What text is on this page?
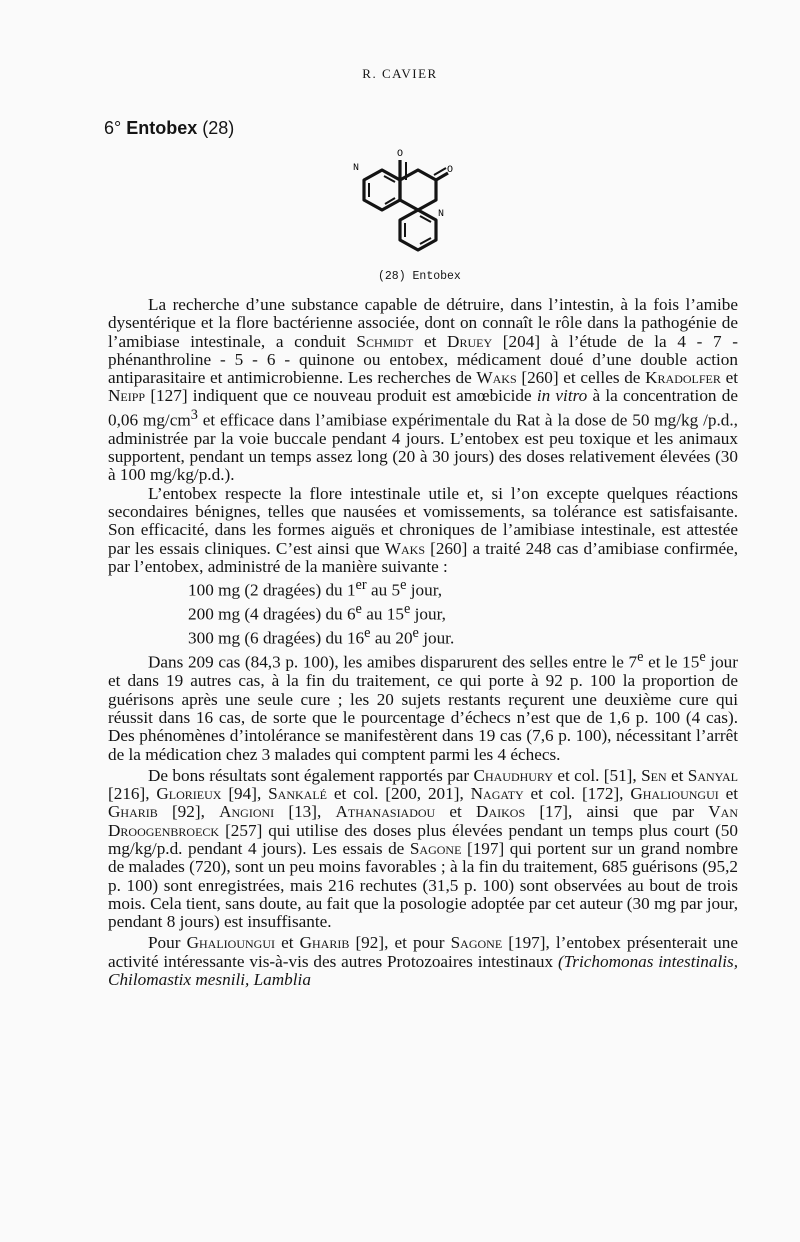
R. CAVIER
6° Entobex (28)
N
O
O
N
(28) Entobex

La recherche d’une substance capable de détruire, dans l’intestin, à la fois l’amibe dysentérique et la flore bactérienne associée, dont on connaît le rôle dans la pathogénie de l’amibiase intestinale, a conduit Schmidt et Druey [204] à l’étude de la 4 - 7 - phénanthroline - 5 - 6 - quinone ou entobex, médicament doué d’une double action antiparasitaire et antimicrobienne. Les recherches de Waks [260] et celles de Kradolfer et Neipp [127] indiquent que ce nouveau produit est amœbicide in vitro à la concentration de 0,06 $mg/cm^3$ et efficace dans l’amibiase expérimentale du Rat à la dose de 50 mg/kg /p.d., administrée par la voie buccale pendant 4 jours. L’entobex est peu toxique et les animaux supportent, pendant un temps assez long (20 à 30 jours) des doses relativement élevées (30 à 100 mg/kg/p.d.).

L’entobex respecte la flore intestinale utile et, si l’on excepte quelques réactions secondaires bénignes, telles que nausées et vomissements, sa tolérance est satisfaisante. Son efficacité, dans les formes aiguës et chroniques de l’amibiase intestinale, est attestée par les essais cliniques. C’est ainsi que Waks [260] a traité 248 cas d’amibiase confirmée, par l’entobex, administré de la manière suivante :

100 mg (2 dragées) du 1er au 5e jour,
200 mg (4 dragées) du 6e au 15e jour,
300 mg (6 dragées) du 16e au 20e jour.

Dans 209 cas (84,3 p. 100), les amibes disparurent des selles entre le 7e et le 15e jour et dans 19 autres cas, à la fin du traitement, ce qui porte à 92 p. 100 la proportion de guérisons après une seule cure ; les 20 sujets restants reçurent une deuxième cure qui réussit dans 16 cas, de sorte que le pourcentage d’échecs n’est que de 1,6 p. 100 (4 cas). Des phénomènes d’intolérance se manifestèrent dans 19 cas (7,6 p. 100), nécessitant l’arrêt de la médication chez 3 malades qui comptent parmi les 4 échecs.

De bons résultats sont également rapportés par Chaudhury et col. [51], Sen et Sanyal [216], Glorieux [94], Sankalé et col. [200, 201], Nagaty et col. [172], Ghalioungui et Gharib [92], Angioni [13], Athanasiadou et Daikos [17], ainsi que par Van Droogenbroeck [257] qui utilise des doses plus élevées pendant un temps plus court (50 mg/kg/p.d. pendant 4 jours). Les essais de Sagone [197] qui portent sur un grand nombre de malades (720), sont un peu moins favorables ; à la fin du traitement, 685 guérisons (95,2 p. 100) sont enregistrées, mais 216 rechutes (31,5 p. 100) sont observées au bout de trois mois. Cela tient, sans doute, au fait que la posologie adoptée par cet auteur (30 mg par jour, pendant 8 jours) est insuffisante.

Pour Ghalioungui et Gharib [92], et pour Sagone [197], l’entobex présenterait une activité intéressante vis-à-vis des autres Protozoaires intestinaux (Trichomonas intestinalis, Chilomastix mesnili, Lamblia
